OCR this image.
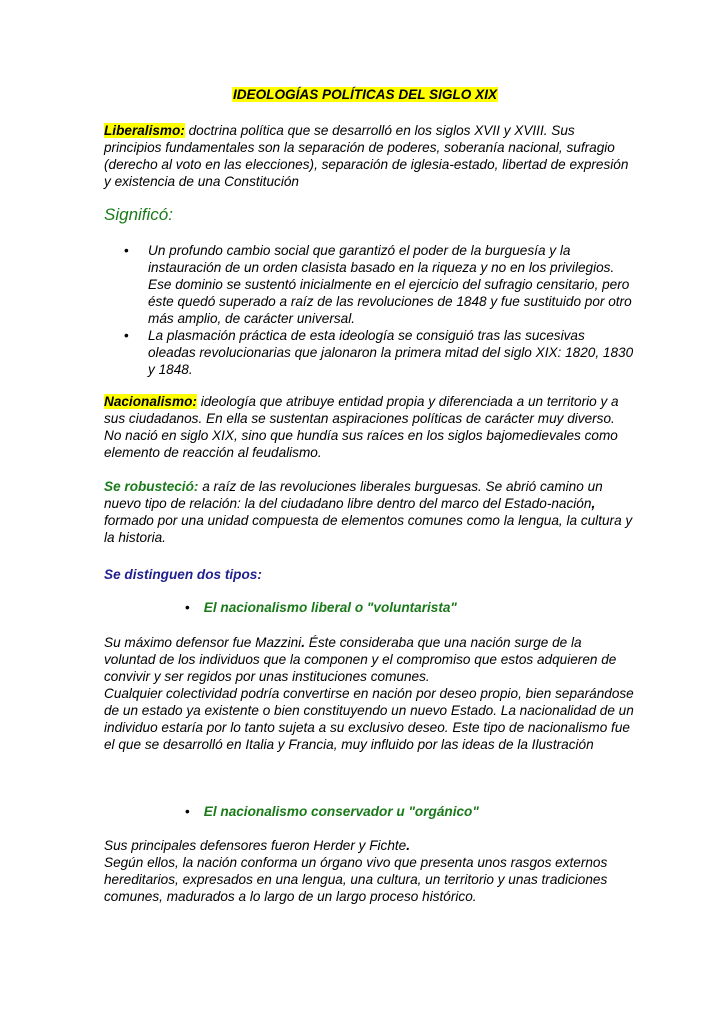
IDEOLOGÍAS POLÍTICAS DEL SIGLO XIX
Liberalismo: doctrina política que se desarrolló en los siglos XVII y XVIII. Sus principios fundamentales son la separación de poderes, soberanía nacional, sufragio (derecho al voto en las elecciones), separación de iglesia-estado, libertad de expresión y existencia de una Constitución
Significó:
• Un profundo cambio social que garantizó el poder de la burguesía y la instauración de un orden clasista basado en la riqueza y no en los privilegios. Ese dominio se sustentó inicialmente en el ejercicio del sufragio censitario, pero éste quedó superado a raíz de las revoluciones de 1848 y fue sustituido por otro más amplio, de carácter universal.
• La plasmación práctica de esta ideología se consiguió tras las sucesivas oleadas revolucionarias que jalonaron la primera mitad del siglo XIX: 1820, 1830 y 1848.
Nacionalismo: ideología que atribuye entidad propia y diferenciada a un territorio y a sus ciudadanos. En ella se sustentan aspiraciones políticas de carácter muy diverso. No nació en siglo XIX, sino que hundía sus raíces en los siglos bajomedievales como elemento de reacción al feudalismo.
Se robusteció: a raíz de las revoluciones liberales burguesas. Se abrió camino un nuevo tipo de relación: la del ciudadano libre dentro del marco del Estado-nación, formado por una unidad compuesta de elementos comunes como la lengua, la cultura y la historia.
Se distinguen dos tipos:
• El nacionalismo liberal o "voluntarista"
Su máximo defensor fue Mazzini. Éste consideraba que una nación surge de la voluntad de los individuos que la componen y el compromiso que estos adquieren de convivir y ser regidos por unas instituciones comunes.
Cualquier colectividad podría convertirse en nación por deseo propio, bien separándose de un estado ya existente o bien constituyendo un nuevo Estado. La nacionalidad de un individuo estaría por lo tanto sujeta a su exclusivo deseo. Este tipo de nacionalismo fue el que se desarrolló en Italia y Francia, muy influido por las ideas de la Ilustración
• El nacionalismo conservador u "orgánico"
Sus principales defensores fueron Herder y Fichte.
Según ellos, la nación conforma un órgano vivo que presenta unos rasgos externos hereditarios, expresados en una lengua, una cultura, un territorio y unas tradiciones comunes, madurados a lo largo de un largo proceso histórico.
